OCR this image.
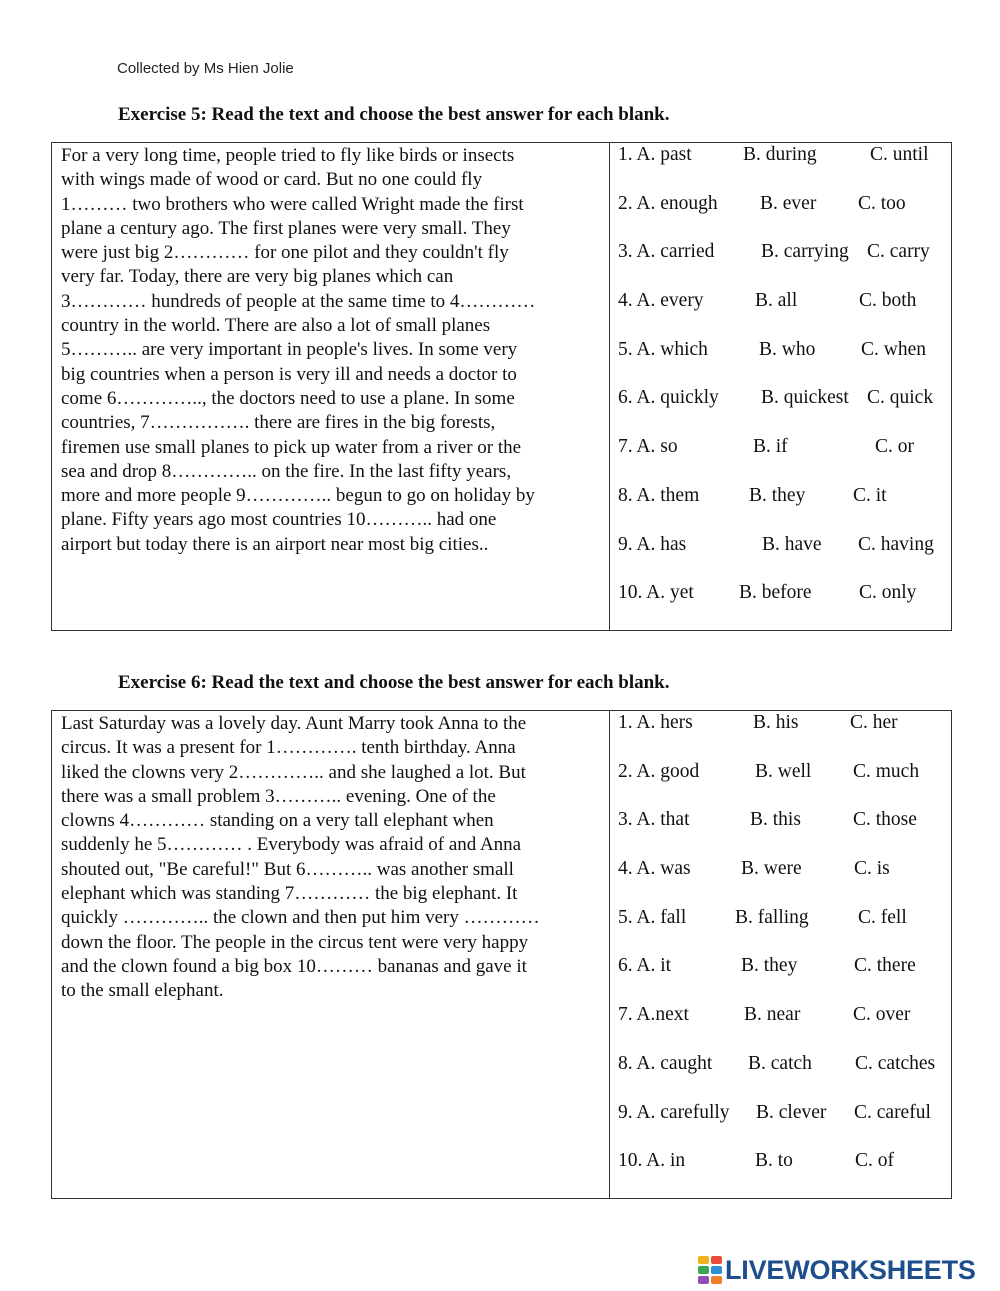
Collected by Ms Hien Jolie
Exercise 5: Read the text and choose the best answer for each blank.
For a very long time, people tried to fly like birds or insects
with wings made of wood or card. But no one could fly
1……… two brothers who were called Wright made the first
plane a century ago. The first planes were very small. They
were just big 2………… for one pilot and they couldn't fly
very far. Today, there are very big planes which can
3………… hundreds of people at the same time to 4…………
country in the world. There are also a lot of small planes
5……….. are very important in people's lives. In some very
big countries when a person is very ill and needs a doctor to
come 6………….., the doctors need to use a plane. In some
countries, 7……………. there are fires in the big forests,
firemen use small planes to pick up water from a river or the
sea and drop 8………….. on the fire. In the last fifty years,
more and more people 9………….. begun to go on holiday by
plane. Fifty years ago most countries 10……….. had one
airport but today there is an airport near most big cities..
1. A. past	B. during	C. until
2. A. enough B. ever C. too
3. A. carried B. carrying C. carry
4. A. every	B. all	C. both
5. A. which	B. who C. when
6. A. quickly B. quickest C. quick
7. A. so	B. if	C. or
8. A. them	B. they C. it
9. A. has	B. have C. having
10. A. yet B. before C. only
Exercise 6: Read the text and choose the best answer for each blank.
Last Saturday was a lovely day. Aunt Marry took Anna to the
circus. It was a present for 1…………. tenth birthday. Anna
liked the clowns very 2………….. and she laughed a lot. But
there was a small problem 3……….. evening. One of the
clowns 4………… standing on a very tall elephant when
suddenly he 5………… . Everybody was afraid of and Anna
shouted out, "Be careful!" But 6……….. was another small
elephant which was standing 7………… the big elephant. It
quickly ………….. the clown and then put him very …………
down the floor. The people in the circus tent were very happy
and the clown found a big box 10……… bananas and gave it
to the small elephant.
1. A. hers	B. his	C. her
2. A. good	B. well C. much
3. A. that	B. this	C. those
4. A. was	B. were	C. is
5. A. fall	B. falling	C. fell
6. A. it	B. they	C. there
7. A.next	B. near	C. over
8. A. caught B. catch C. catches
9. A. carefully B. clever C. careful
10. A. in	B. to	C. of
LIVEWORKSHEETS
